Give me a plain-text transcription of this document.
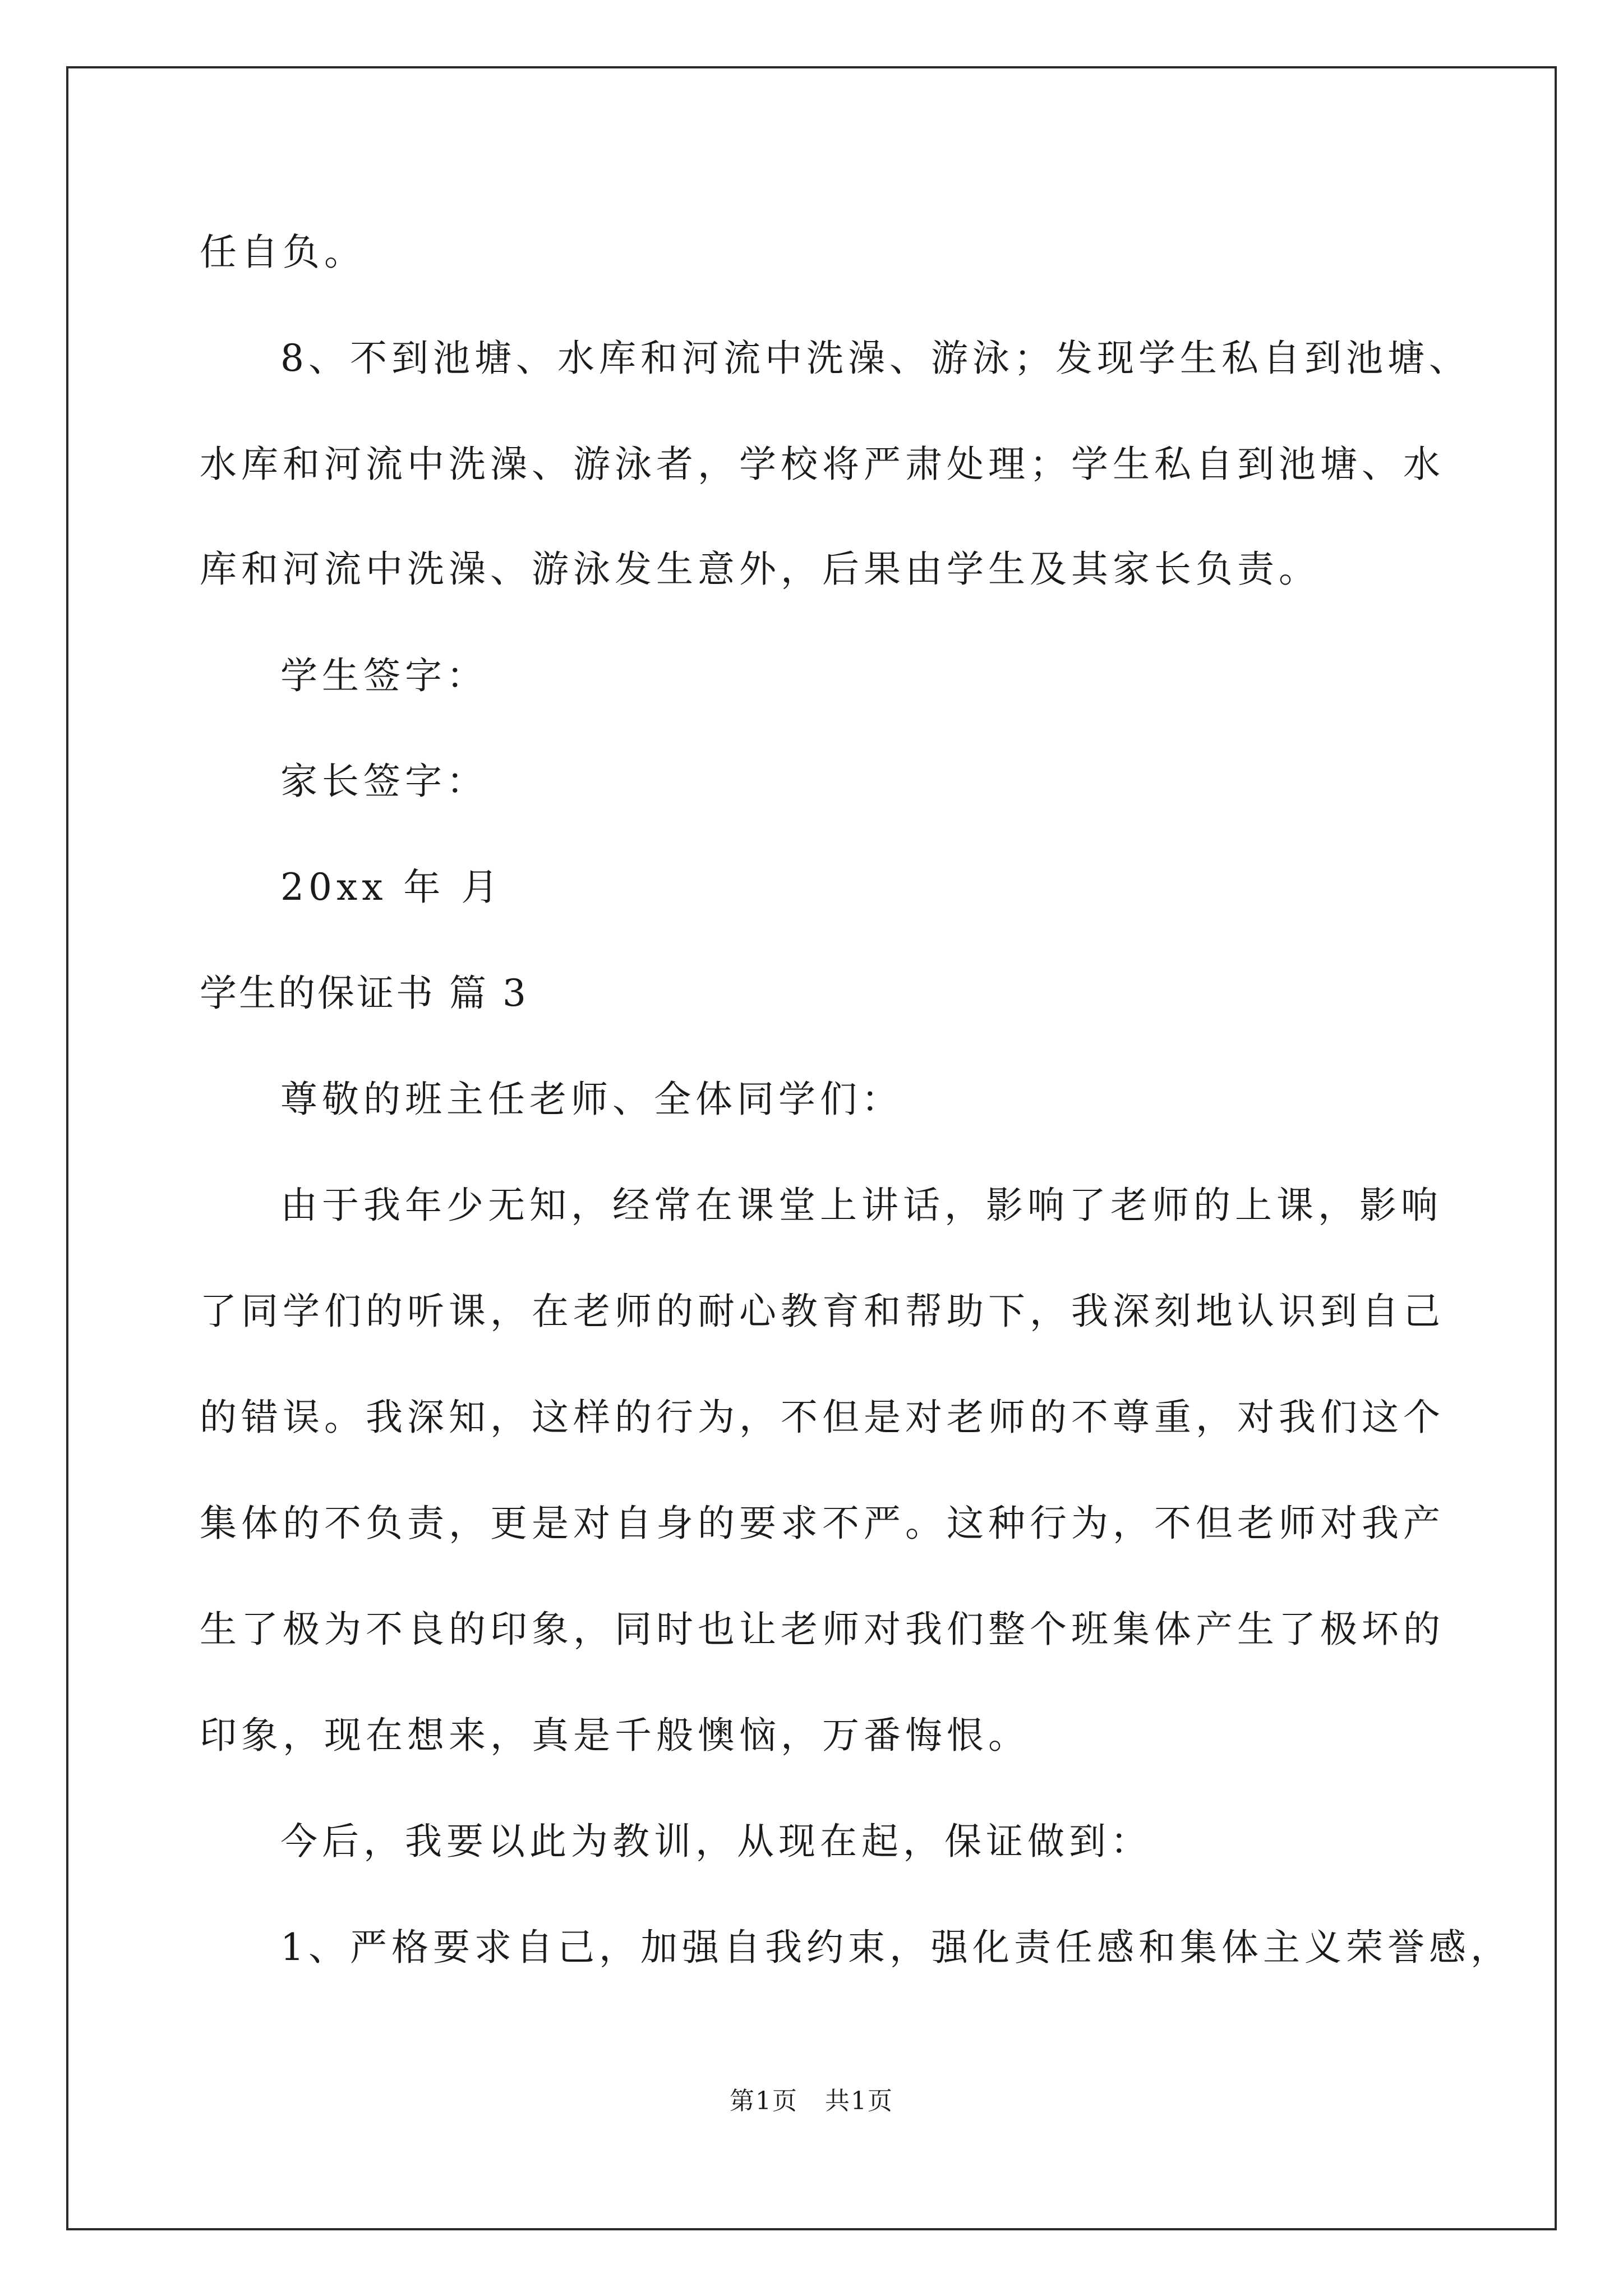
任自负。
8、不到池塘、水库和河流中洗澡、游泳；发现学生私自到池塘、
水库和河流中洗澡、游泳者，学校将严肃处理；学生私自到池塘、水
库和河流中洗澡、游泳发生意外，后果由学生及其家长负责。
学生签字：
家长签字：
20xx 年 月
学生的保证书 篇 3
尊敬的班主任老师、全体同学们：
由于我年少无知，经常在课堂上讲话，影响了老师的上课，影响
了同学们的听课，在老师的耐心教育和帮助下，我深刻地认识到自己
的错误。我深知，这样的行为，不但是对老师的不尊重，对我们这个
集体的不负责，更是对自身的要求不严。这种行为，不但老师对我产
生了极为不良的印象，同时也让老师对我们整个班集体产生了极坏的
印象，现在想来，真是千般懊恼，万番悔恨。
今后，我要以此为教训，从现在起，保证做到：
1、严格要求自己，加强自我约束，强化责任感和集体主义荣誉感，
第1页   共1页
